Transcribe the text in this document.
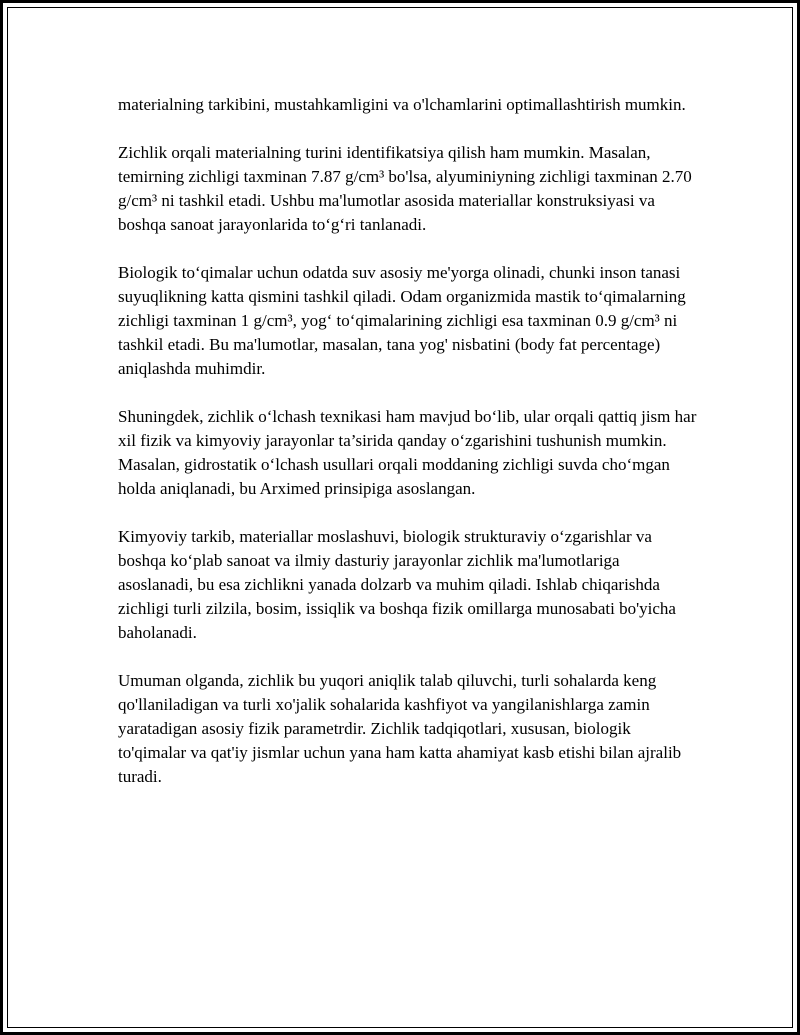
materialning tarkibini, mustahkamligini va o'lchamlarini optimallashtirish mumkin.

Zichlik orqali materialning turini identifikatsiya qilish ham mumkin. Masalan, temirning zichligi taxminan 7.87 g/cm³ bo'lsa, alyuminiyning zichligi taxminan 2.70 g/cm³ ni tashkil etadi. Ushbu ma'lumotlar asosida materiallar konstruksiyasi va boshqa sanoat jarayonlarida to‘g‘ri tanlanadi.

Biologik to‘qimalar uchun odatda suv asosiy me'yorga olinadi, chunki inson tanasi suyuqlikning katta qismini tashkil qiladi. Odam organizmida mastik to‘qimalarning zichligi taxminan 1 g/cm³, yog‘ to‘qimalarining zichligi esa taxminan 0.9 g/cm³ ni tashkil etadi. Bu ma'lumotlar, masalan, tana yog' nisbatini (body fat percentage) aniqlashda muhimdir.

Shuningdek, zichlik o‘lchash texnikasi ham mavjud bo‘lib, ular orqali qattiq jism har xil fizik va kimyoviy jarayonlar ta’sirida qanday o‘zgarishini tushunish mumkin. Masalan, gidrostatik o‘lchash usullari orqali moddaning zichligi suvda cho‘mgan holda aniqlanadi, bu Arximed prinsipiga asoslangan.

Kimyoviy tarkib, materiallar moslashuvi, biologik strukturaviy o‘zgarishlar va boshqa ko‘plab sanoat va ilmiy dasturiy jarayonlar zichlik ma'lumotlariga asoslanadi, bu esa zichlikni yanada dolzarb va muhim qiladi. Ishlab chiqarishda zichligi turli zilzila, bosim, issiqlik va boshqa fizik omillarga munosabati bo'yicha baholanadi.

Umuman olganda, zichlik bu yuqori aniqlik talab qiluvchi, turli sohalarda keng qo'llaniladigan va turli xo'jalik sohalarida kashfiyot va yangilanishlarga zamin yaratadigan asosiy fizik parametrdir. Zichlik tadqiqotlari, xususan, biologik to'qimalar va qat'iy jismlar uchun yana ham katta ahamiyat kasb etishi bilan ajralib turadi.
